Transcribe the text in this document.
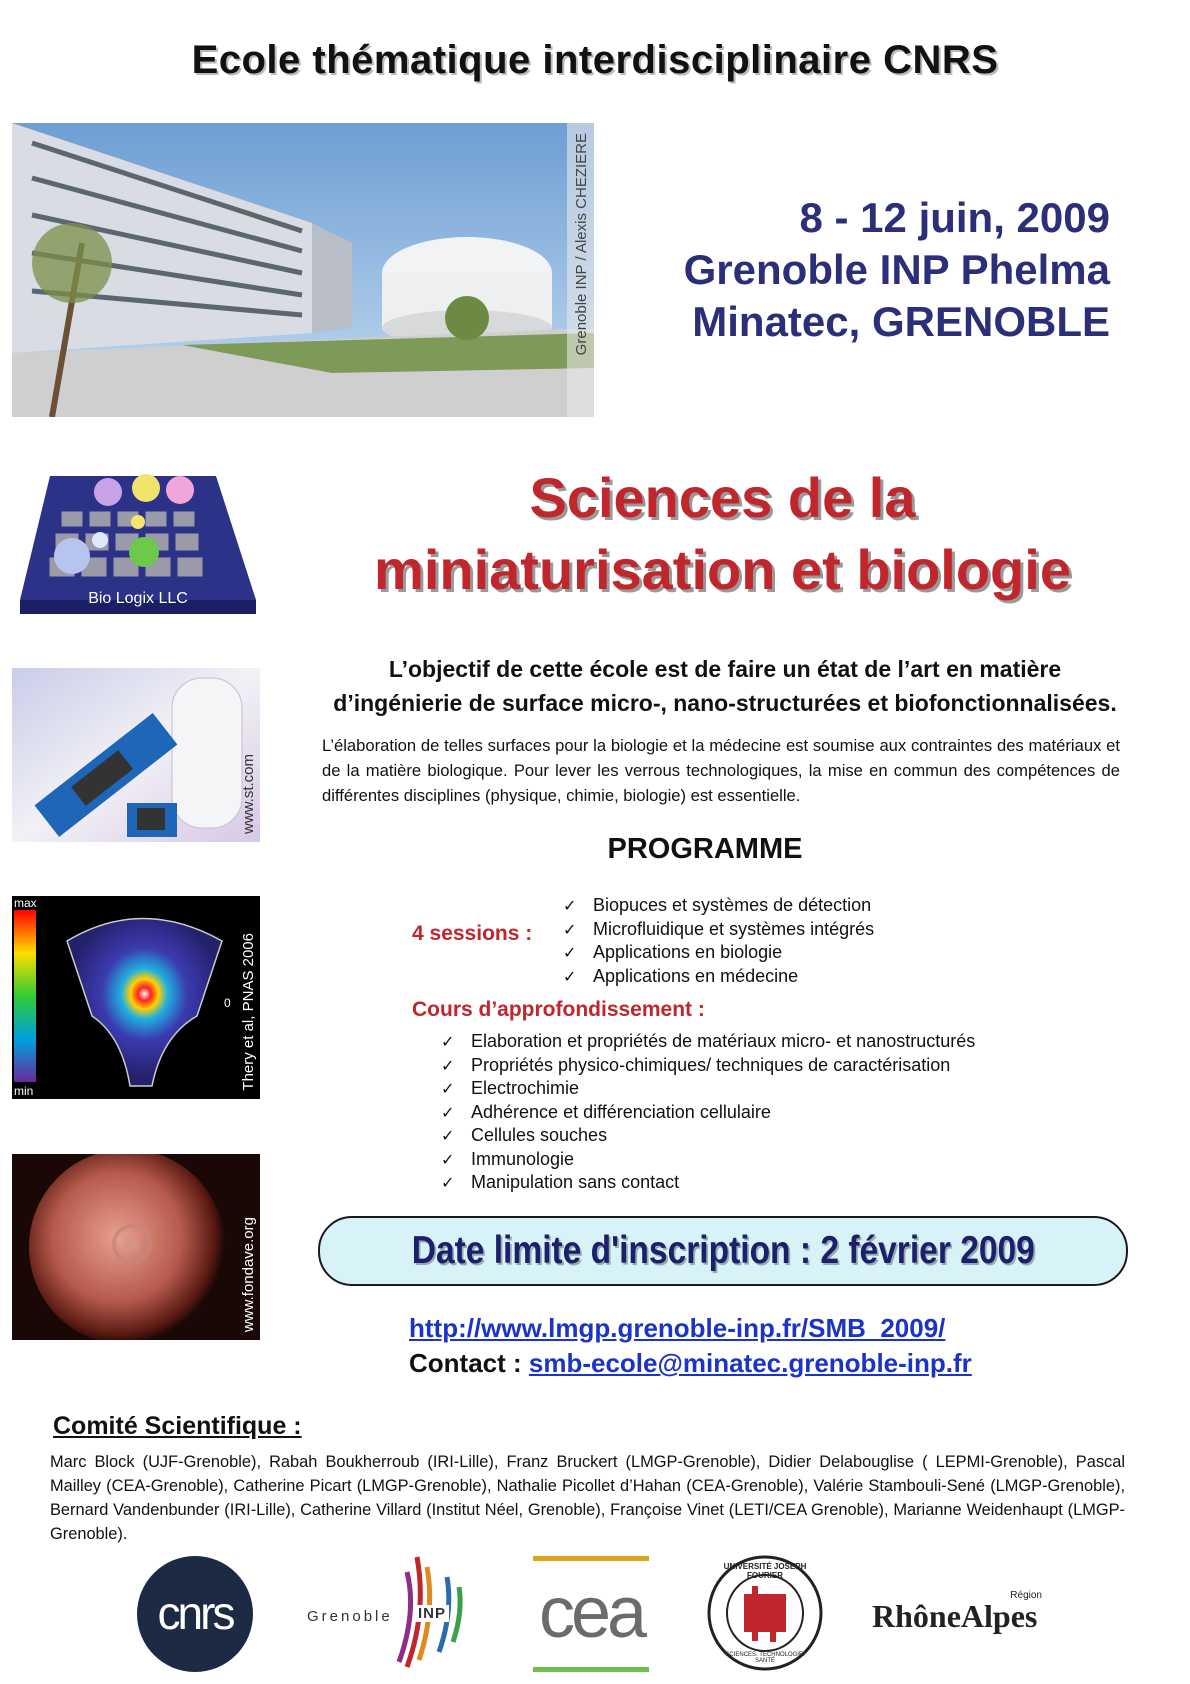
Ecole thématique interdisciplinaire CNRS
Grenoble INP / Alexis CHEZIERE	8 - 12 juin, 2009
Grenoble INP Phelma
Minatec, GRENOBLE
Bio Logix LLC
Sciences de la
miniaturisation et biologie
www.st.com
max
min
0 Thery et al, PNAS 2006
www.fondave.org
L’objectif de cette école est de faire un état de l’art en matière
d’ingénierie de surface micro-, nano-structurées et biofonctionnalisées.
L’élaboration de telles surfaces pour la biologie et la médecine est soumise aux contraintes des matériaux et de la matière biologique. Pour lever les verrous technologiques, la mise en commun des compétences de différentes disciplines (physique, chimie, biologie) est essentielle.
PROGRAMME
4 sessions :
✓ Biopuces et systèmes de détection
✓ Microfluidique et systèmes intégrés
✓ Applications en biologie
✓ Applications en médecine
Cours d’approfondissement :
✓ Elaboration et propriétés de matériaux micro- et nanostructurés
✓ Propriétés physico-chimiques/ techniques de caractérisation
✓ Electrochimie
✓ Adhérence et différenciation cellulaire
✓ Cellules souches
✓ Immunologie
✓ Manipulation sans contact
Date limite d'inscription : 2 février 2009
http://www.lmgp.grenoble-inp.fr/SMB_2009/
Contact : smb-ecole@minatec.grenoble-inp.fr
Comité Scientifique :
Marc Block (UJF-Grenoble), Rabah Boukherroub (IRI-Lille), Franz Bruckert (LMGP-Grenoble), Didier Delabouglise ( LEPMI-Grenoble), Pascal Mailley (CEA-Grenoble), Catherine Picart (LMGP-Grenoble), Nathalie Picollet d’Hahan (CEA-Grenoble), Valérie Stambouli-Sené (LMGP-Grenoble), Bernard Vandenbunder (IRI-Lille), Catherine Villard (Institut Néel, Grenoble), Françoise Vinet (LETI/CEA Grenoble), Marianne Weidenhaupt (LMGP-Grenoble).
cnrs	Grenoble INP cea
UNIVERSITÉ JOSEPH FOURIER
SCIENCES. TECHNOLOGIE. SANTÉ
Région
RhôneAlpes
